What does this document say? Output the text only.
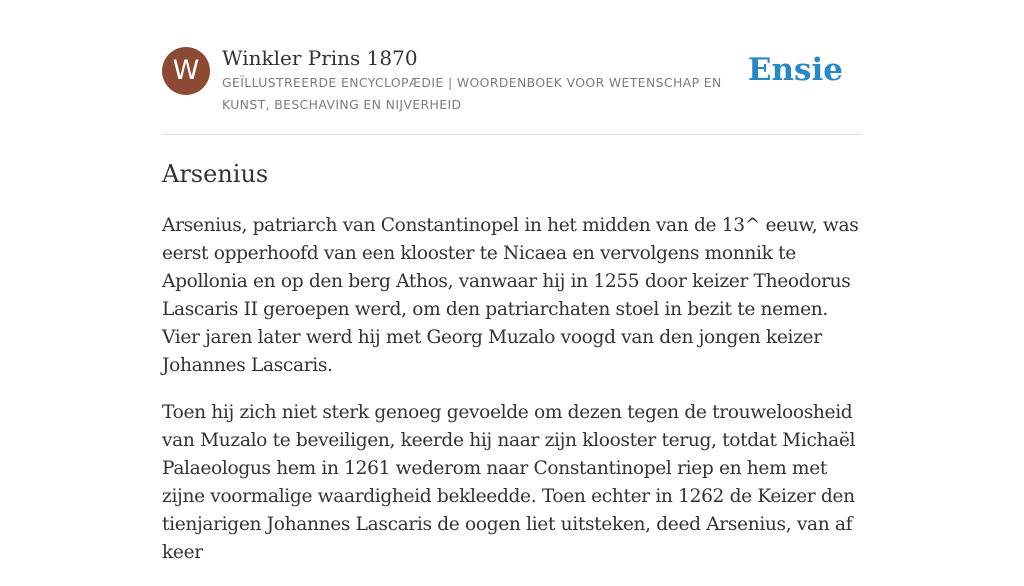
W	Winkler Prins 1870
GEÏLLUSTREERDE ENCYCLOPÆDIE | WOORDENBOEK VOOR WETENSCHAP EN KUNST, BESCHAVING EN NIJVERHEID
Ensie
Arsenius

Arsenius, patriarch van Constantinopel in het midden van de 13^ eeuw, was eerst opperhoofd van een klooster te Nicaea en vervolgens monnik te Apollonia en op den berg Athos, vanwaar hij in 1255 door keizer Theodorus Lascaris II geroepen werd, om den patriarchaten stoel in bezit te nemen. Vier jaren later werd hij met Georg Muzalo voogd van den jongen keizer Johannes Lascaris.

Toen hij zich niet sterk genoeg gevoelde om dezen tegen de trouweloosheid van Muzalo te beveiligen, keerde hij naar zijn klooster terug, totdat Michaël Palaeologus hem in 1261 wederom naar Constantinopel riep en hem met zijne voormalige waardigheid bekleedde. Toen echter in 1262 de Keizer den tienjarigen Johannes Lascaris de oogen liet uitsteken, deed Arsenius, van af keer
